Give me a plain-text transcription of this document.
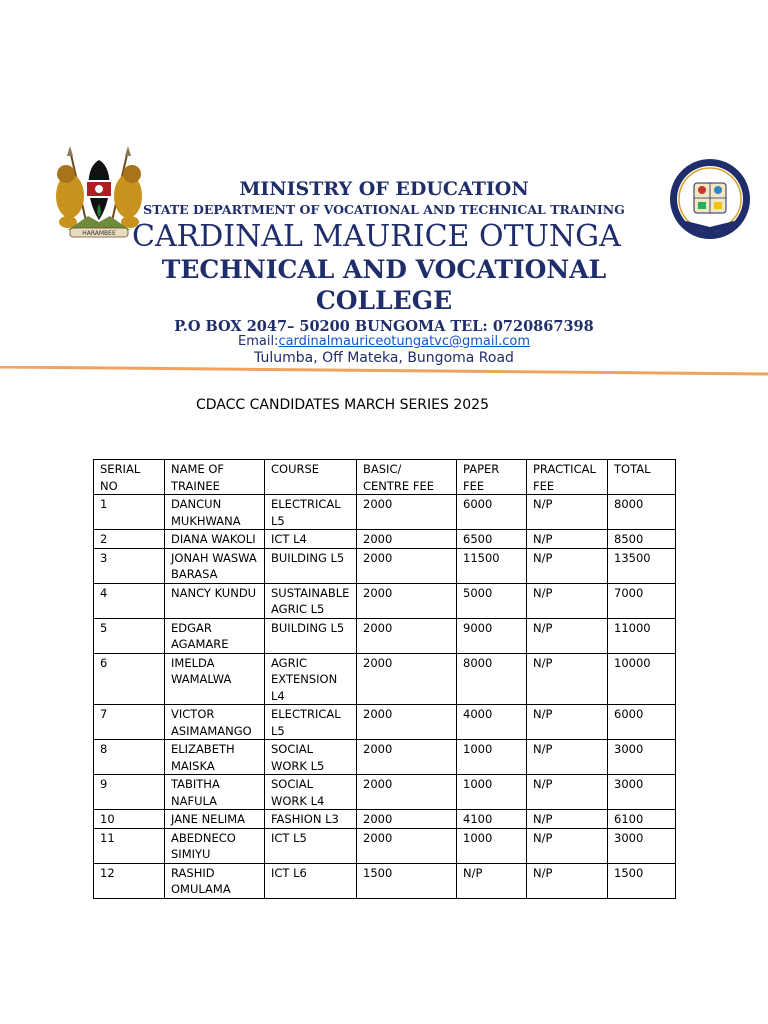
HARAMBEE
MINISTRY OF EDUCATION
STATE DEPARTMENT OF VOCATIONAL AND TECHNICAL TRAINING
CARDINAL MAURICE OTUNGA
TECHNICAL AND VOCATIONAL
COLLEGE
P.O BOX 2047– 50200 BUNGOMA TEL: 0720867398
Email:cardinalmauriceotungatvc@gmail.com
Tulumba, Off Mateka, Bungoma Road
CDACC CANDIDATES MARCH SERIES 2025
SERIAL NO	NAME OF TRAINEE	COURSE	BASIC/ CENTRE FEE	PAPER FEE	PRACTICAL FEE	TOTAL
1	DANCUN MUKHWANA	ELECTRICAL L5	2000	6000	N/P	8000
2	DIANA WAKOLI	ICT L4	2000	6500	N/P	8500
3	JONAH WASWA BARASA	BUILDING L5	2000	11500	N/P	13500
4	NANCY KUNDU	SUSTAINABLE AGRIC L5	2000	5000	N/P	7000
5	EDGAR AGAMARE	BUILDING L5	2000	9000	N/P	11000
6	IMELDA WAMALWA	AGRIC EXTENSION L4	2000	8000	N/P	10000
7	VICTOR ASIMAMANGO	ELECTRICAL L5	2000	4000	N/P	6000
8	ELIZABETH MAISKA	SOCIAL WORK L5	2000	1000	N/P	3000
9	TABITHA NAFULA	SOCIAL WORK L4	2000	1000	N/P	3000
10	JANE NELIMA	FASHION L3	2000	4100	N/P	6100
11	ABEDNECO SIMIYU	ICT L5	2000	1000	N/P	3000
12	RASHID OMULAMA	ICT L6	1500	N/P	N/P	1500
